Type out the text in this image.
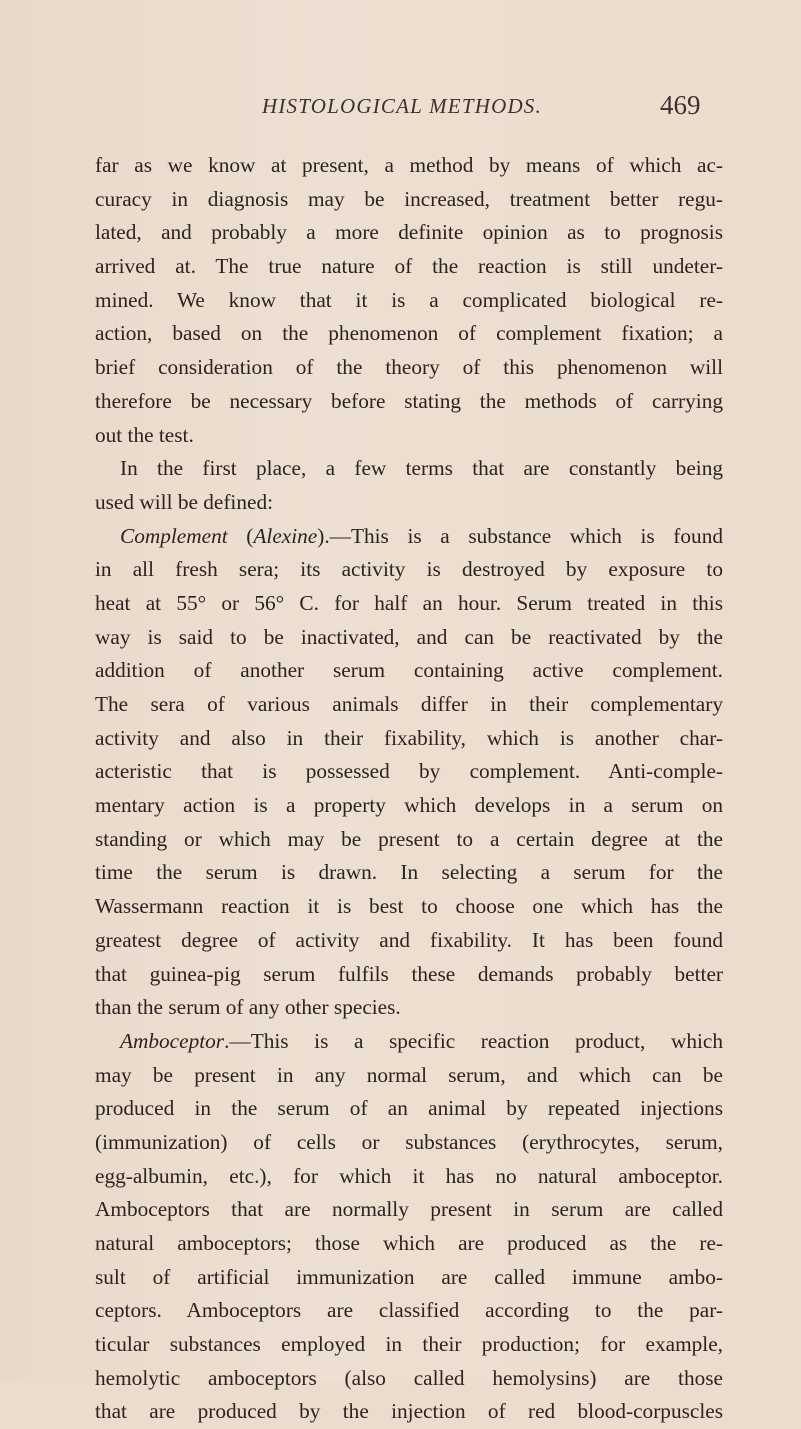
HISTOLOGICAL METHODS.	469
far as we know at present, a method by means of which ac-
curacy in diagnosis may be increased, treatment better regu-
lated, and probably a more definite opinion as to prognosis
arrived at. The true nature of the reaction is still undeter-
mined. We know that it is a complicated biological re-
action, based on the phenomenon of complement fixation; a
brief consideration of the theory of this phenomenon will
therefore be necessary before stating the methods of carrying
out the test.
In the first place, a few terms that are constantly being
used will be defined:
Complement (Alexine).—This is a substance which is found
in all fresh sera; its activity is destroyed by exposure to
heat at 55° or 56° C. for half an hour. Serum treated in this
way is said to be inactivated, and can be reactivated by the
addition of another serum containing active complement.
The sera of various animals differ in their complementary
activity and also in their fixability, which is another char-
acteristic that is possessed by complement. Anti-comple-
mentary action is a property which develops in a serum on
standing or which may be present to a certain degree at the
time the serum is drawn. In selecting a serum for the
Wassermann reaction it is best to choose one which has the
greatest degree of activity and fixability. It has been found
that guinea-pig serum fulfils these demands probably better
than the serum of any other species.
Amboceptor.—This is a specific reaction product, which
may be present in any normal serum, and which can be
produced in the serum of an animal by repeated injections
(immunization) of cells or substances (erythrocytes, serum,
egg-albumin, etc.), for which it has no natural amboceptor.
Amboceptors that are normally present in serum are called
natural amboceptors; those which are produced as the re-
sult of artificial immunization are called immune ambo-
ceptors. Amboceptors are classified according to the par-
ticular substances employed in their production; for example,
hemolytic amboceptors (also called hemolysins) are those
that are produced by the injection of red blood-corpuscles
